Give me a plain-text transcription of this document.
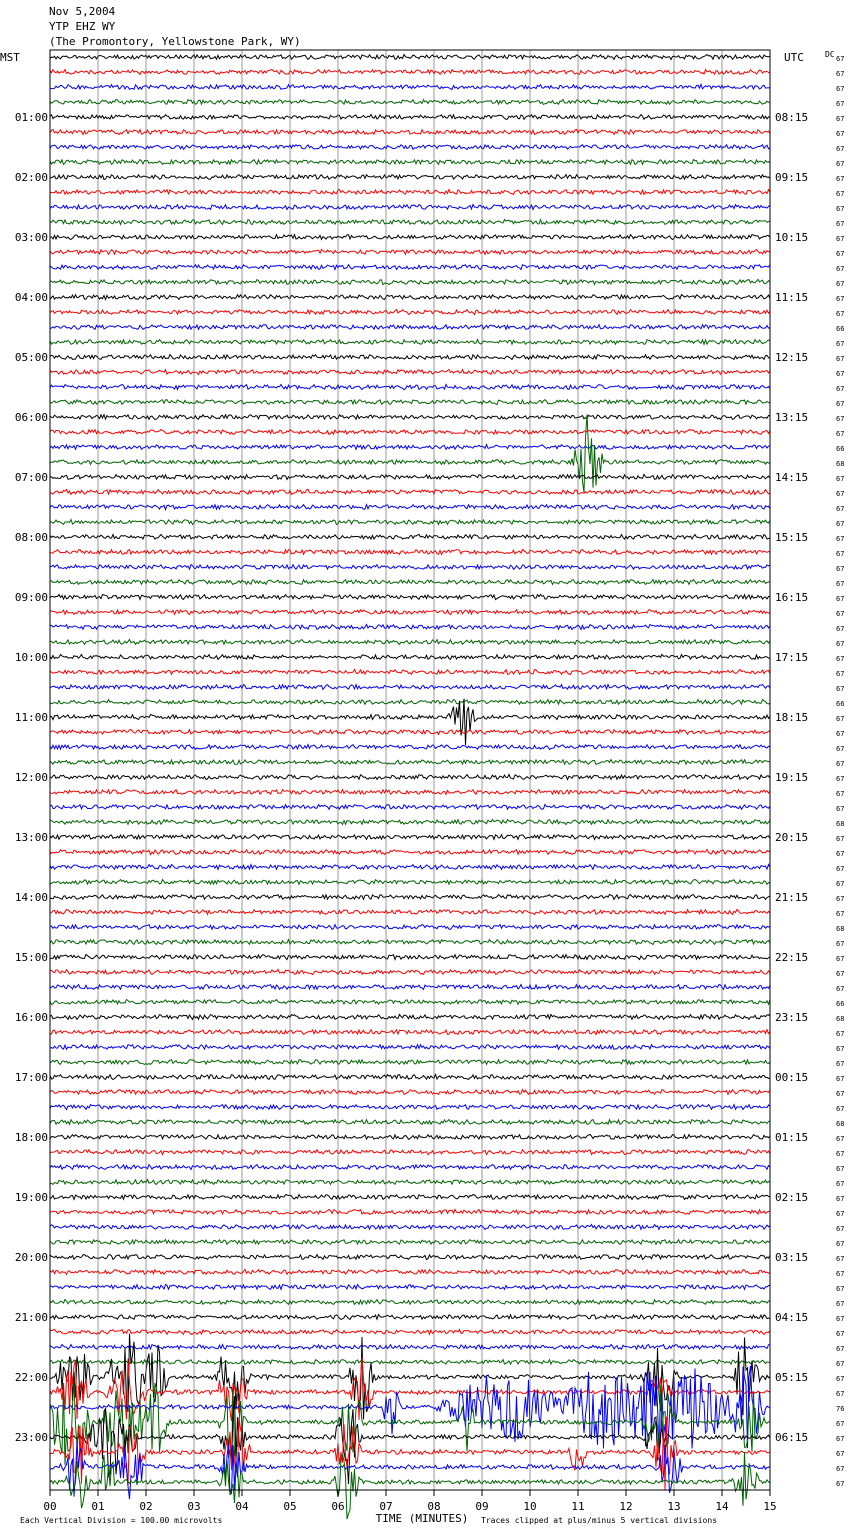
Nov 5,2004
YTP EHZ WY
(The Promontory, Yellowstone Park, WY)
MST	UTC	DC
01:00
02:00
03:00
04:00
05:00
06:00
07:00
08:00
09:00
10:00
11:00
12:00
13:00
14:00
15:00
16:00
17:00
18:00
19:00
20:00
21:00
22:00
23:00
08:15
09:15
10:15
11:15
12:15
13:15
14:15
15:15
16:15
17:15
18:15
19:15
20:15
21:15
22:15
23:15
00:15
01:15
02:15
03:15
04:15
05:15
06:15
67
67
67
67
67
67
67
67
67
67
67
67
67
67
67
67
67
67
66
67
67
67
67
67
67
67
66
68
67
67
67
67
67
67
67
67
67
67
67
67
67
67
67
66
67
67
67
67
67
67
67
68
67
67
67
67
67
67
68
67
67
67
67
66
68
67
67
67
67
67
67
68
67
67
67
67
67
67
67
67
67
67
67
67
67
67
67
67
67
67
76
67
67
67
67
67
00	01	02	03	04	05	06	07	08	09	10	11	12	13	14	15
TIME (MINUTES)
Each Vertical Division = 100.00 microvolts	Traces clipped at plus/minus 5 vertical divisions
